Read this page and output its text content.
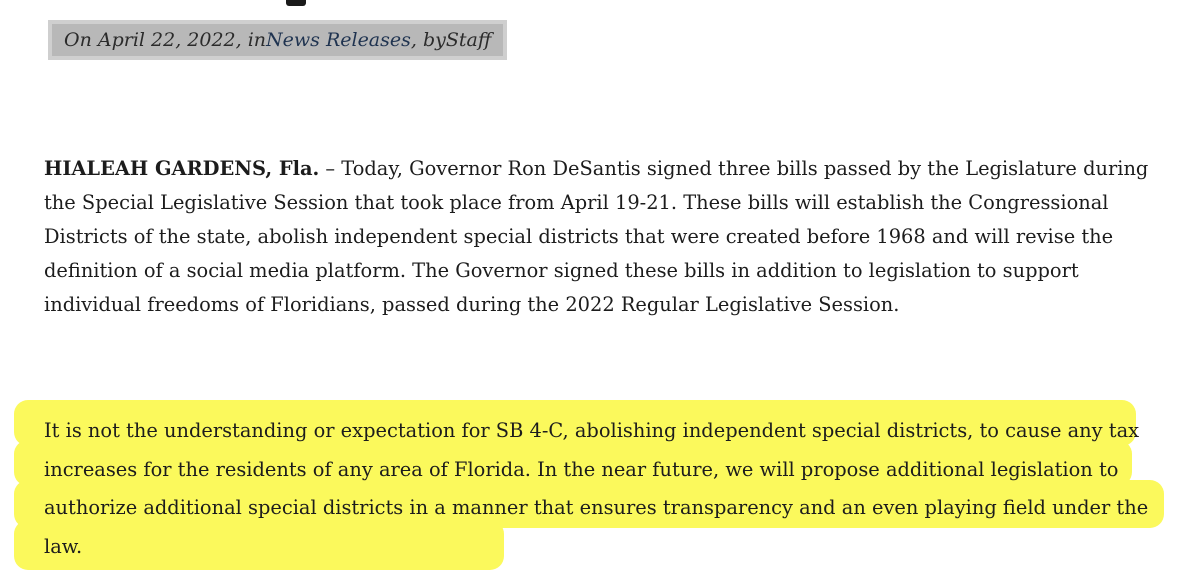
On April 22, 2022, in News Releases , by Staff

HIALEAH GARDENS, Fla. – Today, Governor Ron DeSantis signed three bills passed by the Legislature during the Special Legislative Session that took place from April 19-21. These bills will establish the Congressional Districts of the state, abolish independent special districts that were created before 1968 and will revise the definition of a social media platform. The Governor signed these bills in addition to legislation to support individual freedoms of Floridians, passed during the 2022 Regular Legislative Session.

It is not the understanding or expectation for SB 4-C, abolishing independent special districts, to cause any tax increases for the residents of any area of Florida. In the near future, we will propose additional legislation to authorize additional special districts in a manner that ensures transparency and an even playing field under the law.
